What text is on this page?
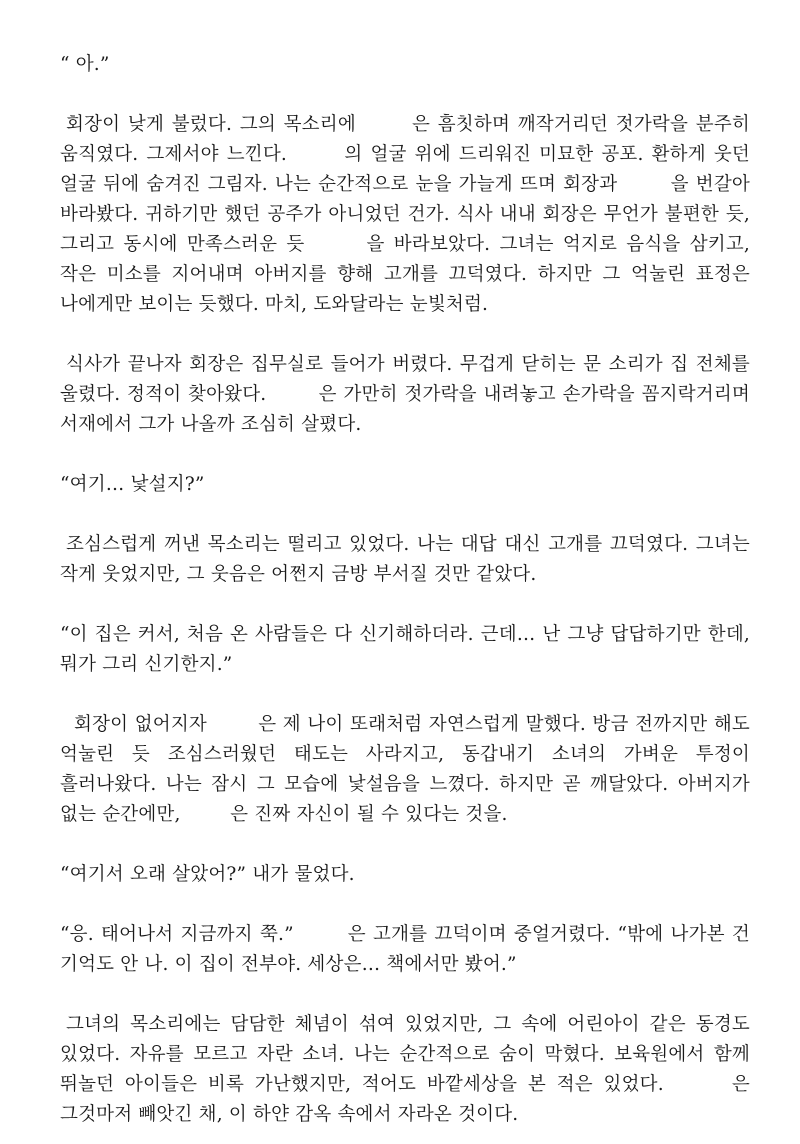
“ 아.”

회장이 낮게 불렀다. 그의 목소리에 　　 은 흠칫하며 깨작거리던 젓가락을 분주히 움직였다. 그제서야 느낀다. 　　 의 얼굴 위에 드리워진 미묘한 공포. 환하게 웃던 얼굴 뒤에 숨겨진 그림자. 나는 순간적으로 눈을 가늘게 뜨며 회장과 　　 을 번갈아 바라봤다. 귀하기만 했던 공주가 아니었던 건가. 식사 내내 회장은 무언가 불편한 듯, 그리고 동시에 만족스러운 듯 　　 을 바라보았다. 그녀는 억지로 음식을 삼키고, 작은 미소를 지어내며 아버지를 향해 고개를 끄덕였다. 하지만 그 억눌린 표정은 나에게만 보이는 듯했다. 마치, 도와달라는 눈빛처럼.

식사가 끝나자 회장은 집무실로 들어가 버렸다. 무겁게 닫히는 문 소리가 집 전체를 울렸다. 정적이 찾아왔다. 　　 은 가만히 젓가락을 내려놓고 손가락을 꼼지락거리며 서재에서 그가 나올까 조심히 살폈다.

“여기… 낯설지?”

조심스럽게 꺼낸 목소리는 떨리고 있었다. 나는 대답 대신 고개를 끄덕였다. 그녀는 작게 웃었지만, 그 웃음은 어쩐지 금방 부서질 것만 같았다.

“이 집은 커서, 처음 온 사람들은 다 신기해하더라. 근데… 난 그냥 답답하기만 한데, 뭐가 그리 신기한지.”

회장이 없어지자 　　 은 제 나이 또래처럼 자연스럽게 말했다. 방금 전까지만 해도 억눌린 듯 조심스러웠던 태도는 사라지고, 동갑내기 소녀의 가벼운 투정이 흘러나왔다. 나는 잠시 그 모습에 낯설음을 느꼈다. 하지만 곧 깨달았다. 아버지가 없는 순간에만, 　　 은 진짜 자신이 될 수 있다는 것을.

“여기서 오래 살았어?” 내가 물었다.

“응. 태어나서 지금까지 쭉.” 　　 은 고개를 끄덕이며 중얼거렸다. “밖에 나가본 건 기억도 안 나. 이 집이 전부야. 세상은… 책에서만 봤어.”

그녀의 목소리에는 담담한 체념이 섞여 있었지만, 그 속에 어린아이 같은 동경도 있었다. 자유를 모르고 자란 소녀. 나는 순간적으로 숨이 막혔다. 보육원에서 함께 뛰놀던 아이들은 비록 가난했지만, 적어도 바깥세상을 본 적은 있었다. 　　 은 그것마저 빼앗긴 채, 이 하얀 감옥 속에서 자라온 것이다.
